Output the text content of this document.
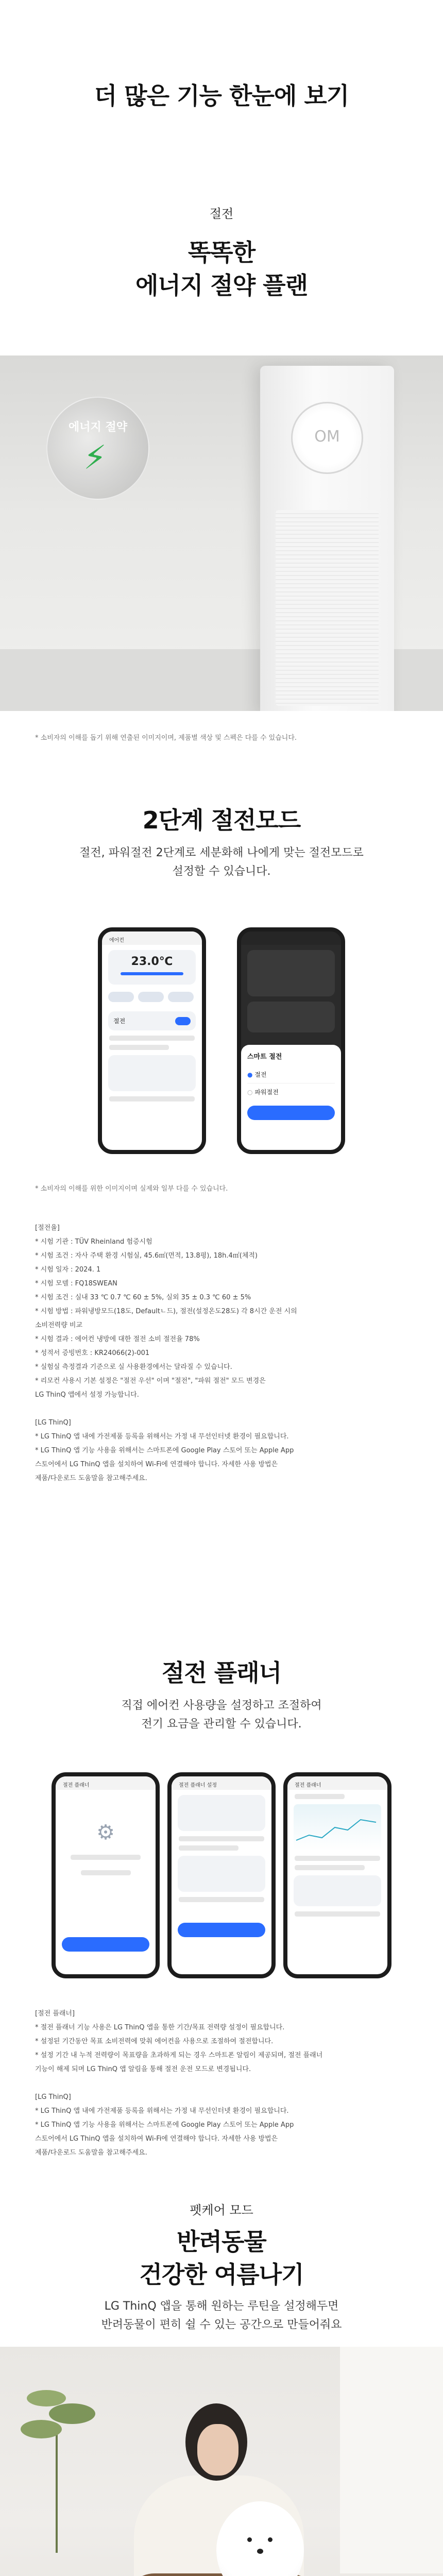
더 많은 기능 한눈에 보기
절전
똑똑한
에너지 절약 플랜
에너지 절약
⚡
OM
* 소비자의 이해를 돕기 위해 연출된 이미지이며, 제품별 색상 및 스펙은 다를 수 있습니다.
2단계 절전모드
절전, 파워절전 2단계로 세분화해 나에게 맞는 절전모드로
설정할 수 있습니다.
에어컨
23.0℃
절전
스마트 절전
● 절전
○ 파워절전
* 소비자의 이해를 위한 이미지이며 실제와 일부 다를 수 있습니다.
[절전율]
* 시험 기관 : TÜV Rheinland 험증시험
* 시험 조건 : 자사 주택 환경 시험실, 45.6㎡(면적, 13.8평), 18h.4㎡(체적)
* 시험 일자 : 2024. 1
* 시험 모델 : FQ18SWEAN
* 시험 조건 : 실내 33 ℃ 0.7 ℃ 60 ± 5%, 실외 35 ± 0.3 ℃ 60 ± 5%
* 시험 방법 : 파워냉방모드(18도, Defaultㄴ드), 절전(설정온도28도) 각 8시간 운전 시의
소비전력량 비교
* 시험 결과 : 에어컨 냉방에 대한 절전 소비 절전율 78%
* 성적서 증빙번호 : KR24066(2)-001
* 실험실 측정결과 기준으로 실 사용환경에서는 달라질 수 있습니다.
* 리모컨 사용시 기본 설정은 "절전 우선" 이며 "절전", "파워 절전" 모드 변경은
LG ThinQ 앱에서 설정 가능합니다.
[LG ThinQ]
* LG ThinQ 앱 내에 가전제품 등록을 위해서는 가정 내 무선인터넷 환경이 필요합니다.
* LG ThinQ 앱 기능 사용을 위해서는 스마트폰에 Google Play 스토어 또는 Apple App
스토어에서 LG ThinQ 앱을 설치하여 Wi-Fi에 연결해야 합니다. 자세한 사용 방법은
제품/다운로드 도움말을 참고해주세요.
절전 플래너
직접 에어컨 사용량을 설정하고 조절하여
전기 요금을 관리할 수 있습니다.
절전 플래너
⚙
절전 플래너 설정	절전 플래너
[절전 플래너]
* 절전 플래너 기능 사용은 LG ThinQ 앱을 통한 기간/목표 전력량 설정이 필요합니다.
* 설정된 기간동안 목표 소비전력에 맞춰 에어컨을 사용으로 조절하여 절전합니다.
* 설정 기간 내 누적 전력량이 목표량을 초과하게 되는 경우 스마트폰 알림이 제공되며, 절전 플래너
기능이 해제 되며 LG ThinQ 앱 알림을 통해 절전 운전 모드로 변경됩니다.
[LG ThinQ]
* LG ThinQ 앱 내에 가전제품 등록을 위해서는 가정 내 무선인터넷 환경이 필요합니다.
* LG ThinQ 앱 기능 사용을 위해서는 스마트폰에 Google Play 스토어 또는 Apple App
스토어에서 LG ThinQ 앱을 설치하여 Wi-Fi에 연결해야 합니다. 자세한 사용 방법은
제품/다운로드 도움말을 참고해주세요.
펫케어 모드
반려동물
건강한 여름나기
LG ThinQ 앱을 통해 원하는 루틴을 설정해두면
반려동물이 편히 쉴 수 있는 공간으로 만들어줘요
